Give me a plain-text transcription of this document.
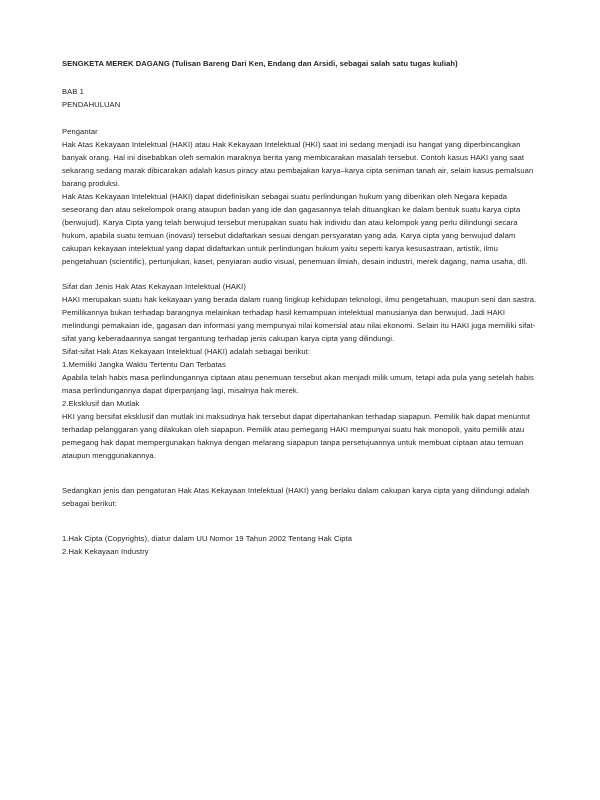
SENGKETA MEREK DAGANG (Tulisan Bareng Dari Ken, Endang dan Arsidi, sebagai salah satu tugas kuliah)
BAB 1
PENDAHULUAN
Pengantar

Hak Atas Kekayaan Intelektual (HAKI) atau Hak Kekayaan Intelektual (HKI) saat ini sedang menjadi isu hangat yang diperbincangkan banyak orang. Hal ini disebabkan oleh semakin maraknya berita yang membicarakan masalah tersebut. Contoh kasus HAKI yang saat sekarang sedang marak dibicarakan adalah kasus piracy atau pembajakan karya–karya cipta seniman tanah air, selain kasus pemalsuan barang produksi.

Hak Atas Kekayaan Intelektual (HAKI) dapat didefinisikan sebagai suatu perlindungan hukum yang diberikan oleh Negara kepada seseorang dan atau sekelompok orang ataupun badan yang ide dan gagasannya telah dituangkan ke dalam bentuk suatu karya cipta (berwujud). Karya Cipta yang telah berwujud tersebut merupakan suatu hak individu dan atau kelompok yang perlu dilindungi secara hukum, apabila suatu temuan (inovasi) tersebut didaftarkan sesuai dengan persyaratan yang ada. Karya cipta yang berwujud dalam cakupan kekayaan intelektual yang dapat didaftarkan untuk perlindungan hukum yaitu seperti karya kesusastraan, artistik, ilmu pengetahuan (scientific), pertunjukan, kaset, penyiaran audio visual, penemuan ilmiah, desain industri, merek dagang, nama usaha, dll.

Sifat dan Jenis Hak Atas Kekayaan Intelektual (HAKI)

HAKI merupakan suatu hak kekayaan yang berada dalam ruang lingkup kehidupan teknologi, ilmu pengetahuan, maupun seni dan sastra. Pemilikannya bukan terhadap barangnya melainkan terhadap hasil kemampuan intelektual manusianya dan berwujud. Jadi HAKI melindungi pemakaian ide, gagasan dan informasi yang mempunyai nilai komersial atau nilai ekonomi. Selain itu HAKI juga memiliki sifat-sifat yang keberadaannya sangat tergantung terhadap jenis cakupan karya cipta yang dilindungi.

Sifat-sifat Hak Atas Kekayaan Intelektual (HAKI) adalah sebagai berikut:

1.Memiliki Jangka Waktu Tertentu Dan Terbatas

Apabila telah habis masa perlindungannya ciptaan atau penemuan tersebut akan menjadi milik umum, tetapi ada pula yang setelah habis masa perlindungannya dapat diperpanjang lagi, misalnya hak merek.

2.Eksklusif dan Mutlak

HKI yang bersifat eksklusif dan mutlak ini maksudnya hak tersebut dapat dipertahankan terhadap siapapun. Pemilik hak dapat menuntut terhadap pelanggaran yang dilakukan oleh siapapun. Pemilik atau pemegang HAKI mempunyai suatu hak monopoli, yaitu pemilik atau pemegang hak dapat mempergunakan haknya dengan melarang siapapun tanpa persetujuannya untuk membuat ciptaan atau temuan ataupun menggunakannya.

Sedangkan jenis dan pengaturan Hak Atas Kekayaan Intelektual (HAKI) yang berlaku dalam cakupan karya cipta yang dilindungi adalah sebagai berikut:

1.Hak Cipta (Copyrights), diatur dalam UU Nomor 19 Tahun 2002 Tentang Hak Cipta
2.Hak Kekayaan Industry
